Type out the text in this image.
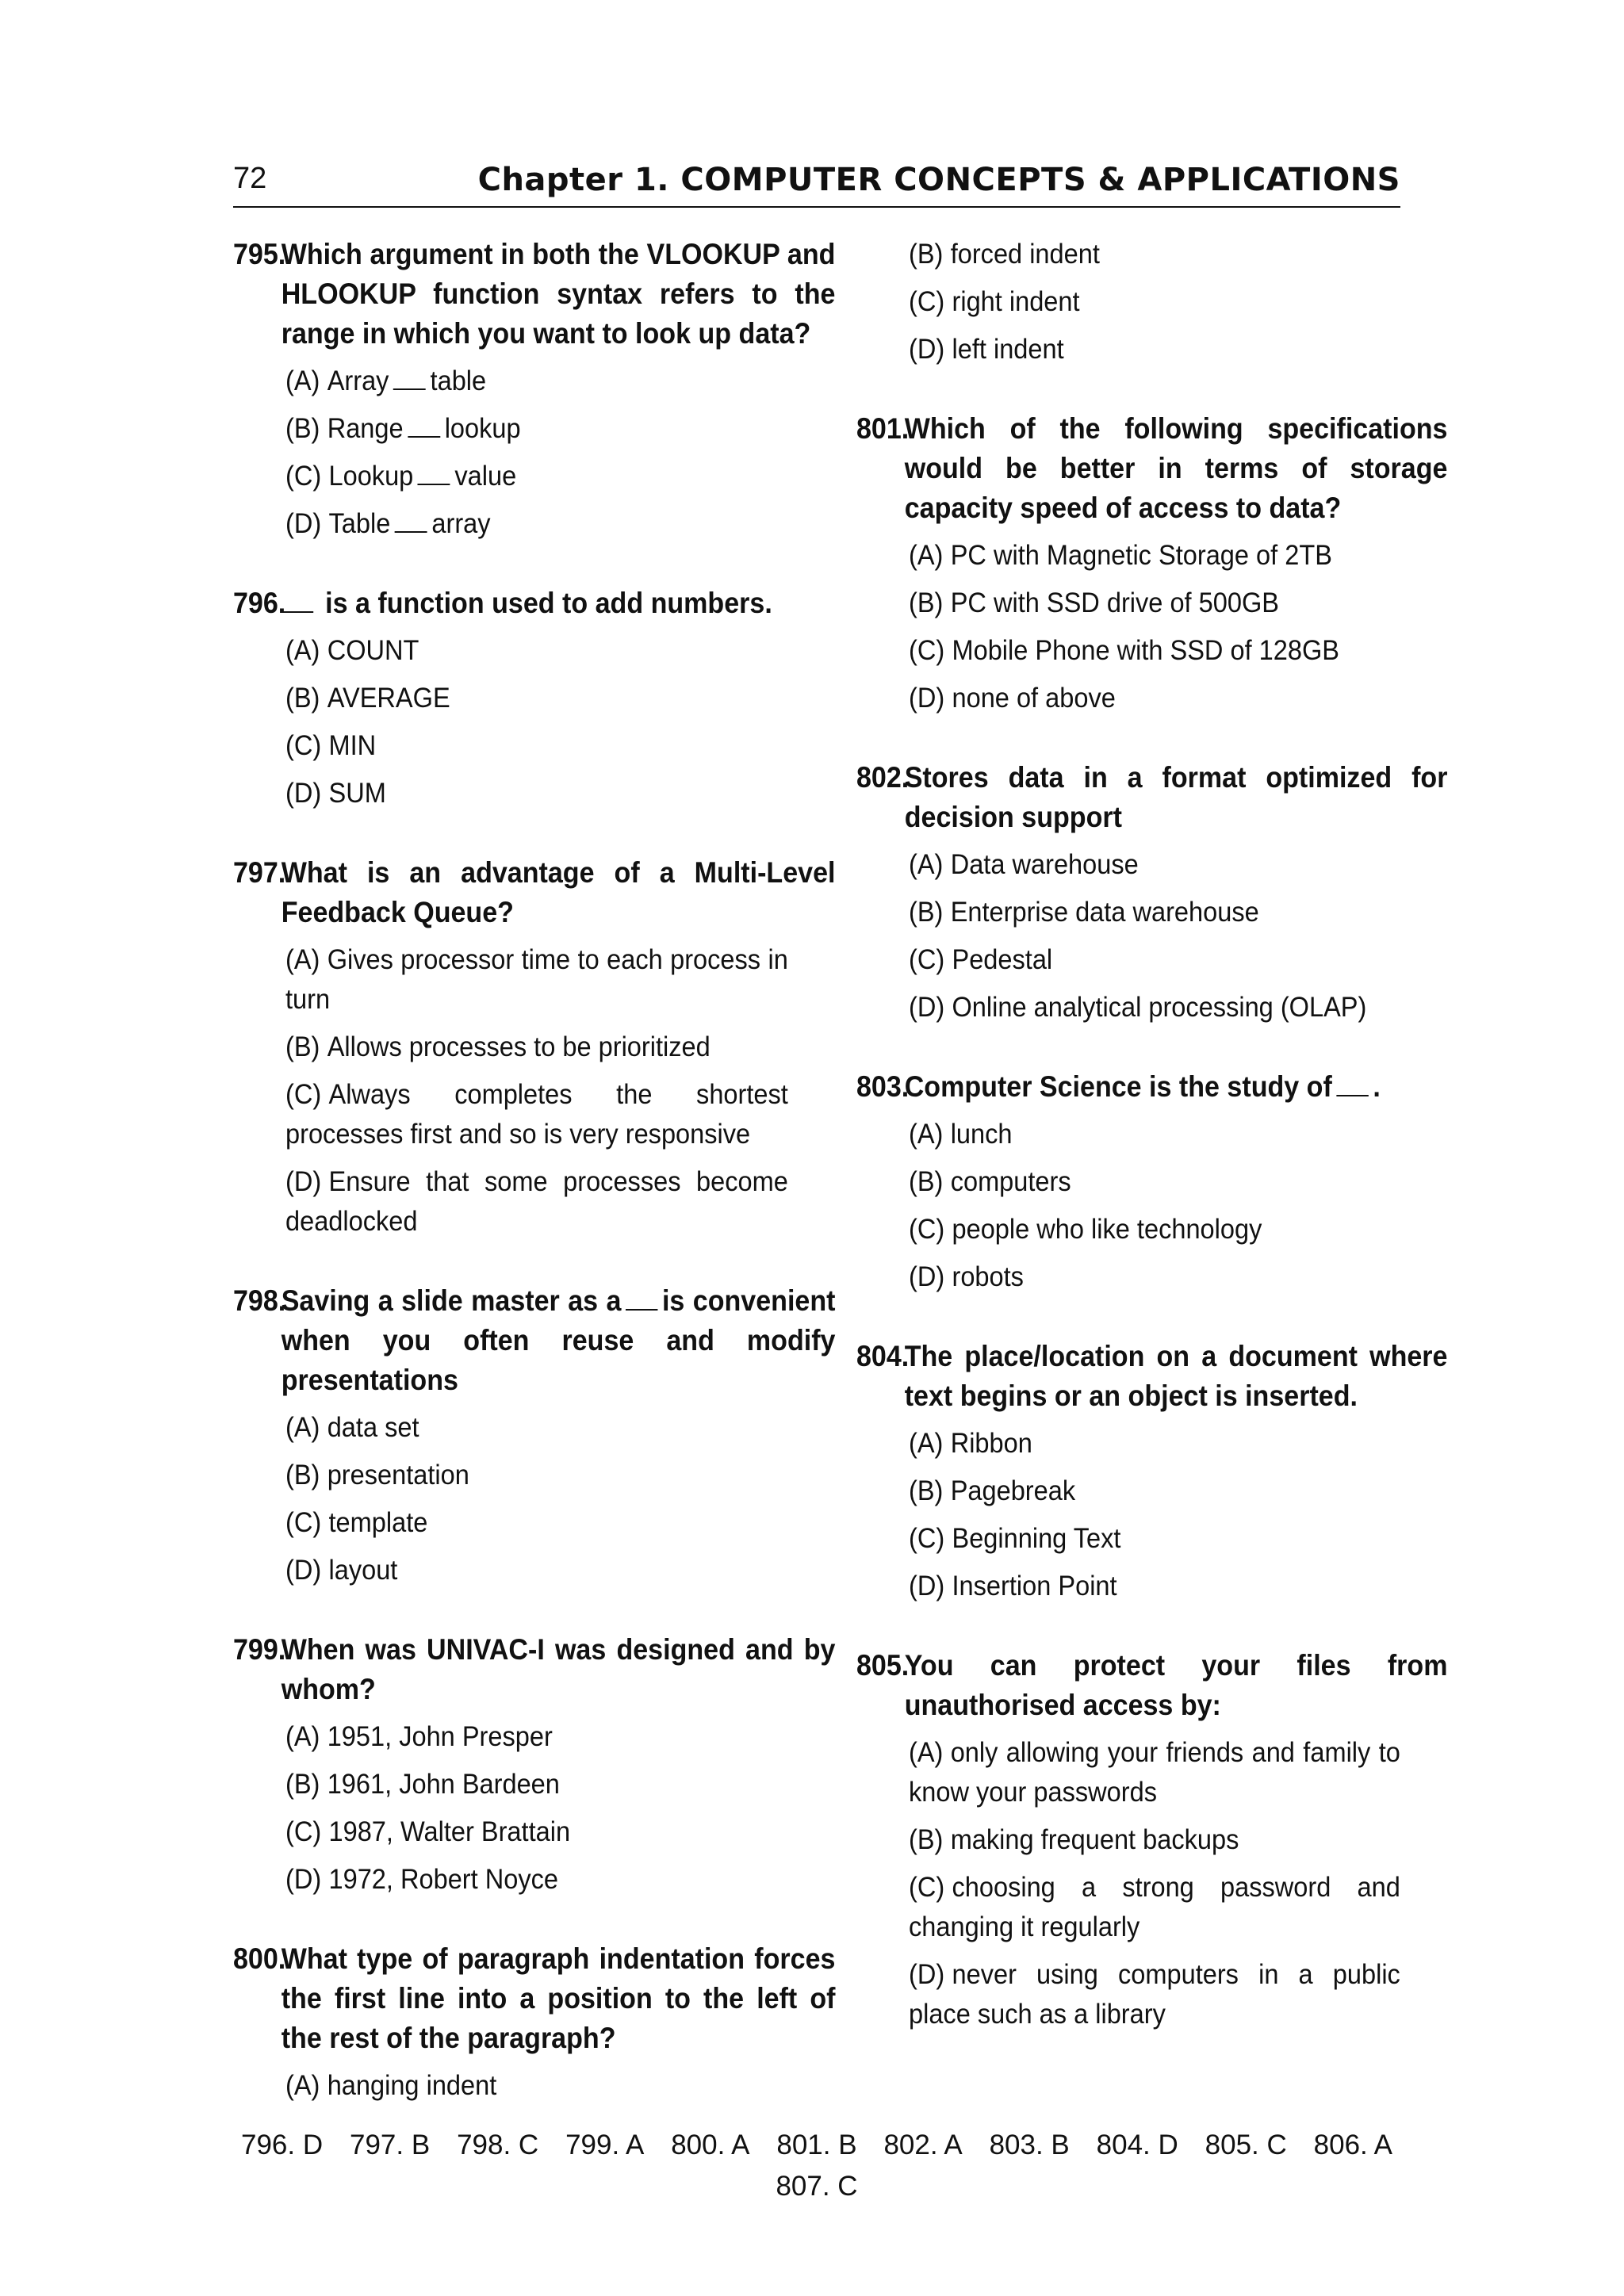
72	Chapter 1. COMPUTER CONCEPTS & APPLICATIONS
795.Which argument in both the VLOOKUP and HLOOKUP function syntax refers to the range in which you want to look up data?
(A) Array table
(B) Range lookup
(C) Lookup value
(D) Table array
796. is a function used to add numbers.
(A) COUNT
(B) AVERAGE
(C) MIN
(D) SUM
797.What is an advantage of a Multi-Level Feedback Queue?
(A) Gives processor time to each process in turn
(B) Allows processes to be prioritized
(C) Always completes the shortest processes first and so is very responsive
(D) Ensure that some processes become deadlocked
798.Saving a slide master as a is convenient when you often reuse and modify presentations
(A) data set
(B) presentation
(C) template
(D) layout
799.When was UNIVAC-I was designed and by whom?
(A) 1951, John Presper
(B) 1961, John Bardeen
(C) 1987, Walter Brattain
(D) 1972, Robert Noyce
800.What type of paragraph indentation forces the first line into a position to the left of the rest of the paragraph?
(A) hanging indent
(B) forced indent
(C) right indent
(D) left indent
801.Which of the following specifications would be better in terms of storage capacity speed of access to data?
(A) PC with Magnetic Storage of 2TB
(B) PC with SSD drive of 500GB
(C) Mobile Phone with SSD of 128GB
(D) none of above
802.Stores data in a format optimized for decision support
(A) Data warehouse
(B) Enterprise data warehouse
(C) Pedestal
(D) Online analytical processing (OLAP)
803.Computer Science is the study of .
(A) lunch
(B) computers
(C) people who like technology
(D) robots
804.The place/location on a document where text begins or an object is inserted.
(A) Ribbon
(B) Pagebreak
(C) Beginning Text
(D) Insertion Point
805.You can protect your files from unauthorised access by:
(A) only allowing your friends and family to know your passwords
(B) making frequent backups
(C) choosing a strong password and changing it regularly
(D) never using computers in a public place such as a library
796. D 797. B 798. C 799. A 800. A 801. B 802. A 803. B 804. D 805. C 806. A
807. C
